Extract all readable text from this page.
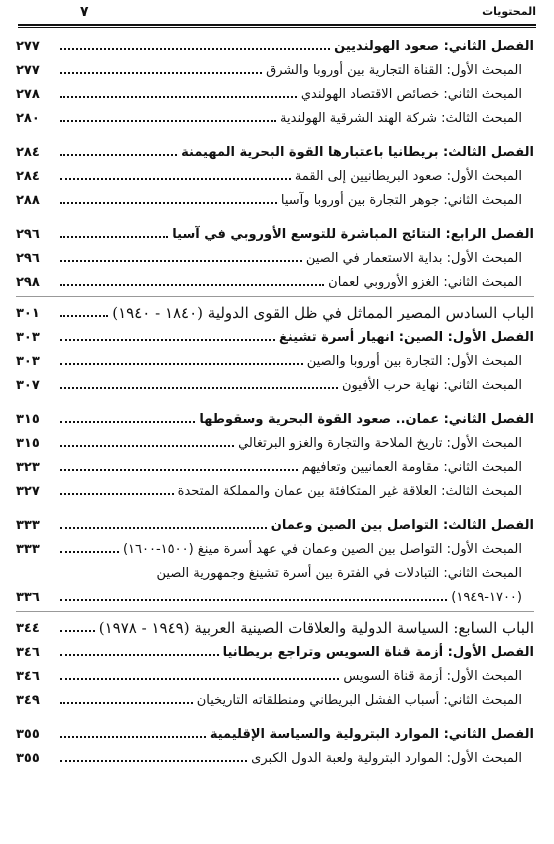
المحتويات
٧
الفصل الثاني: صعود الهولنديين
٢٧٧
المبحث الأول: القناة التجارية بين أوروبا والشرق
٢٧٧
المبحث الثاني: خصائص الاقتصاد الهولندي
٢٧٨
المبحث الثالث: شركة الهند الشرقية الهولندية
٢٨٠
الفصل الثالث: بريطانيا باعتبارها القوة البحرية المهيمنة
٢٨٤
المبحث الأول: صعود البريطانيين إلى القمة
٢٨٤
المبحث الثاني: جوهر التجارة بين أوروبا وآسيا
٢٨٨
الفصل الرابع: النتائج المباشرة للتوسع الأوروبي في آسيا
٢٩٦
المبحث الأول: بداية الاستعمار في الصين
٢٩٦
المبحث الثاني: الغزو الأوروبي لعمان
٢٩٨
الباب السادس المصير المماثل في ظل القوى الدولية (١٨٤٠ - ١٩٤٠)
٣٠١
الفصل الأول: الصين: انهيار أسرة تشينغ
٣٠٣
المبحث الأول: التجارة بين أوروبا والصين
٣٠٣
المبحث الثاني: نهاية حرب الأفيون
٣٠٧
الفصل الثاني: عمان.. صعود القوة البحرية وسقوطها
٣١٥
المبحث الأول: تاريخ الملاحة والتجارة والغزو البرتغالي
٣١٥
المبحث الثاني: مقاومة العمانيين وتعافيهم
٣٢٣
المبحث الثالث: العلاقة غير المتكافئة بين عمان والمملكة المتحدة
٣٢٧
الفصل الثالث: التواصل بين الصين وعمان
٣٣٣
المبحث الأول: التواصل بين الصين وعمان في عهد أسرة مينغ (١٥٠٠-١٦٠٠)
٣٣٣
المبحث الثاني: التبادلات في الفترة بين أسرة تشينغ وجمهورية الصين
(١٧٠٠-١٩٤٩)
٣٣٦
الباب السابع: السياسة الدولية والعلاقات الصينية العربية (١٩٤٩ - ١٩٧٨)
٣٤٤
الفصل الأول: أزمة قناة السويس وتراجع بريطانيا
٣٤٦
المبحث الأول: أزمة قناة السويس
٣٤٦
المبحث الثاني: أسباب الفشل البريطاني ومنطلقاته التاريخيان
٣٤٩
الفصل الثاني: الموارد البترولية والسياسة الإقليمية
٣٥٥
المبحث الأول: الموارد البترولية ولعبة الدول الكبرى
٣٥٥
